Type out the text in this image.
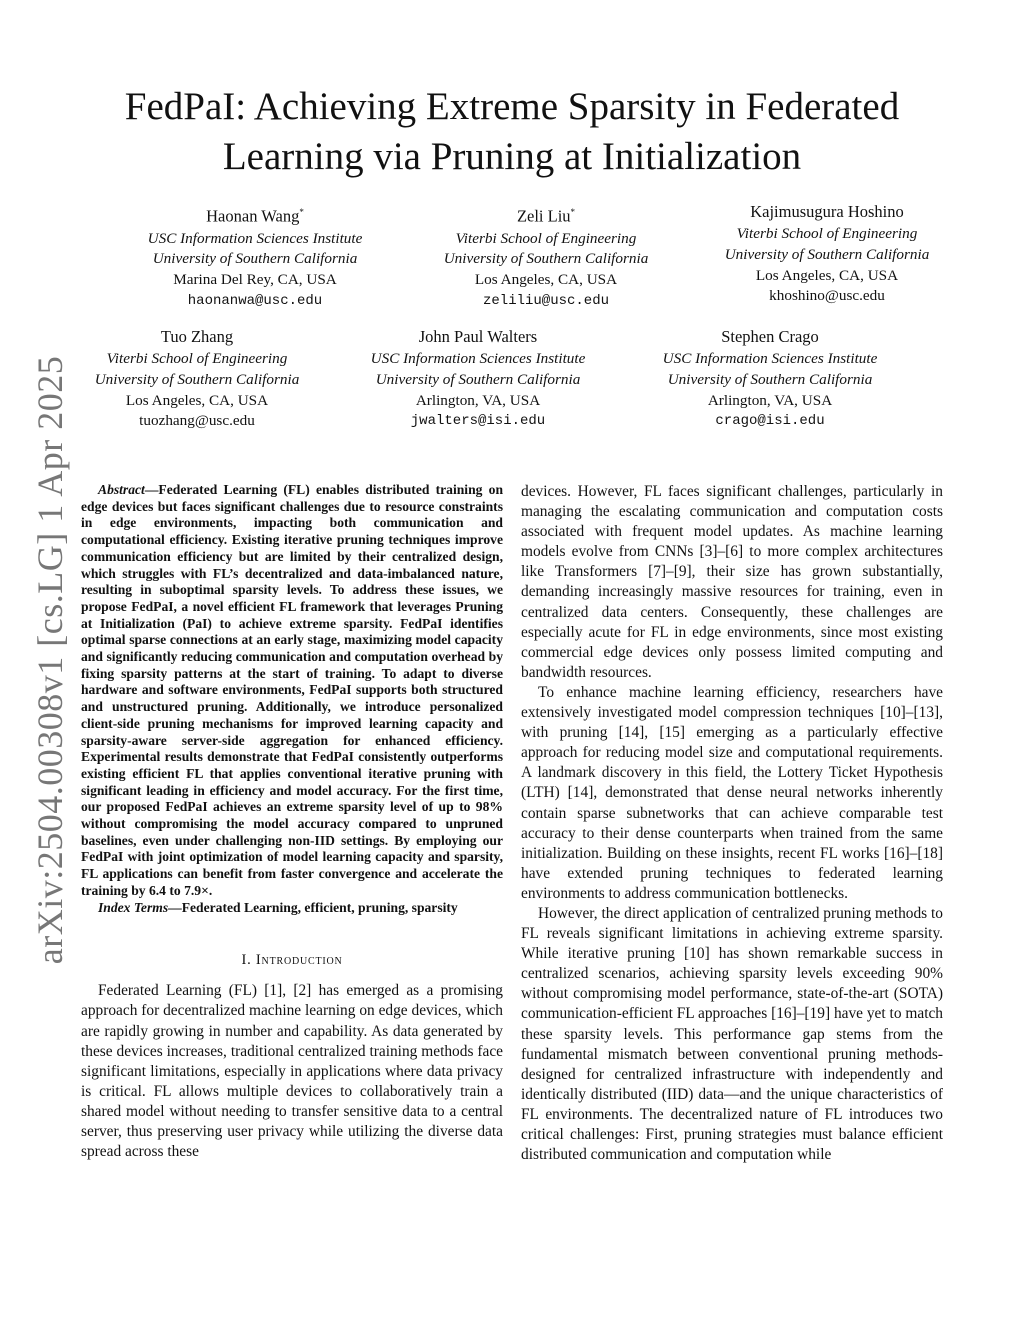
arXiv:2504.00308v1 [cs.LG] 1 Apr 2025
FedPaI: Achieving Extreme Sparsity in Federated Learning via Pruning at Initialization
Haonan Wang*
USC Information Sciences Institute
University of Southern California
Marina Del Rey, CA, USA
haonanwa@usc.edu
Zeli Liu*
Viterbi School of Engineering
University of Southern California
Los Angeles, CA, USA
zeliliu@usc.edu
Kajimusugura Hoshino
Viterbi School of Engineering
University of Southern California
Los Angeles, CA, USA
khoshino@usc.edu
Tuo Zhang
Viterbi School of Engineering
University of Southern California
Los Angeles, CA, USA
tuozhang@usc.edu
John Paul Walters
USC Information Sciences Institute
University of Southern California
Arlington, VA, USA
jwalters@isi.edu
Stephen Crago
USC Information Sciences Institute
University of Southern California
Arlington, VA, USA
crago@isi.edu

Abstract—Federated Learning (FL) enables distributed training on edge devices but faces significant challenges due to resource constraints in edge environments, impacting both communication and computational efficiency. Existing iterative pruning techniques improve communication efficiency but are limited by their centralized design, which struggles with FL’s decentralized and data-imbalanced nature, resulting in suboptimal sparsity levels. To address these issues, we propose FedPaI, a novel efficient FL framework that leverages Pruning at Initialization (PaI) to achieve extreme sparsity. FedPaI identifies optimal sparse connections at an early stage, maximizing model capacity and significantly reducing communication and computation overhead by fixing sparsity patterns at the start of training. To adapt to diverse hardware and software environments, FedPaI supports both structured and unstructured pruning. Additionally, we introduce personalized client-side pruning mechanisms for improved learning capacity and sparsity-aware server-side aggregation for enhanced efficiency. Experimental results demonstrate that FedPaI consistently outperforms existing efficient FL that applies conventional iterative pruning with significant leading in efficiency and model accuracy. For the first time, our proposed FedPaI achieves an extreme sparsity level of up to 98% without compromising the model accuracy compared to unpruned baselines, even under challenging non-IID settings. By employing our FedPaI with joint optimization of model learning capacity and sparsity, FL applications can benefit from faster convergence and accelerate the training by 6.4 to 7.9×.

Index Terms—Federated Learning, efficient, pruning, sparsity

I. Introduction

Federated Learning (FL) [1], [2] has emerged as a promising approach for decentralized machine learning on edge devices, which are rapidly growing in number and capability. As data generated by these devices increases, traditional centralized training methods face significant limitations, especially in applications where data privacy is critical. FL allows multiple devices to collaboratively train a shared model without needing to transfer sensitive data to a central server, thus preserving user privacy while utilizing the diverse data spread across these

devices. However, FL faces significant challenges, particularly in managing the escalating communication and computation costs associated with frequent model updates. As machine learning models evolve from CNNs [3]–[6] to more complex architectures like Transformers [7]–[9], their size has grown substantially, demanding increasingly massive resources for training, even in centralized data centers. Consequently, these challenges are especially acute for FL in edge environments, since most existing commercial edge devices only possess limited computing and bandwidth resources.

To enhance machine learning efficiency, researchers have extensively investigated model compression techniques [10]–[13], with pruning [14], [15] emerging as a particularly effective approach for reducing model size and computational requirements. A landmark discovery in this field, the Lottery Ticket Hypothesis (LTH) [14], demonstrated that dense neural networks inherently contain sparse subnetworks that can achieve comparable test accuracy to their dense counterparts when trained from the same initialization. Building on these insights, recent FL works [16]–[18] have extended pruning techniques to federated learning environments to address communication bottlenecks.

However, the direct application of centralized pruning methods to FL reveals significant limitations in achieving extreme sparsity. While iterative pruning [10] has shown remarkable success in centralized scenarios, achieving sparsity levels exceeding 90% without compromising model performance, state-of-the-art (SOTA) communication-efficient FL approaches [16]–[19] have yet to match these sparsity levels. This performance gap stems from the fundamental mismatch between conventional pruning methods-designed for centralized infrastructure with independently and identically distributed (IID) data—and the unique characteristics of FL environments. The decentralized nature of FL introduces two critical challenges: First, pruning strategies must balance efficient distributed communication and computation while
